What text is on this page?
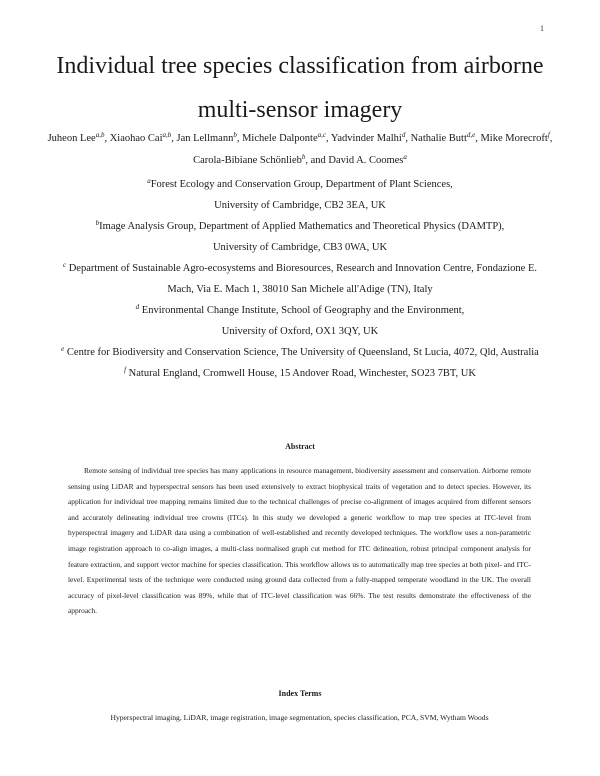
1
Individual tree species classification from airborne multi-sensor imagery
Juheon Lee$^{a,b}$, Xiaohao Cai$^{a,b}$, Jan Lellmann$^b$, Michele Dalponte$^{a,c}$, Yadvinder Malhi$^d$, Nathalie Butt$^{d,e}$, Mike Morecroft$^f$, Carola-Bibiane Schönlieb$^b$, and David A. Coomes$^a$

$^a$Forest Ecology and Conservation Group, Department of Plant Sciences,

University of Cambridge, CB2 3EA, UK

$^b$Image Analysis Group, Department of Applied Mathematics and Theoretical Physics (DAMTP),

University of Cambridge, CB3 0WA, UK

$^c$ Department of Sustainable Agro-ecosystems and Bioresources, Research and Innovation Centre, Fondazione E.

Mach, Via E. Mach 1, 38010 San Michele all'Adige (TN), Italy

$^d$ Environmental Change Institute, School of Geography and the Environment,

University of Oxford, OX1 3QY, UK

$^e$ Centre for Biodiversity and Conservation Science, The University of Queensland, St Lucia, 4072, Qld, Australia

$^f$ Natural England, Cromwell House, 15 Andover Road, Winchester, SO23 7BT, UK

Abstract

Remote sensing of individual tree species has many applications in resource management, biodiversity assessment and conservation. Airborne remote sensing using LiDAR and hyperspectral sensors has been used extensively to extract biophysical traits of vegetation and to detect species. However, its application for individual tree mapping remains limited due to the technical challenges of precise co-alignment of images acquired from different sensors and accurately delineating individual tree crowns (ITCs). In this study we developed a generic workflow to map tree species at ITC-level from hyperspectral imagery and LiDAR data using a combination of well-established and recently developed techniques. The workflow uses a non-parametric image registration approach to co-align images, a multi-class normalised graph cut method for ITC delineation, robust principal component analysis for feature extraction, and support vector machine for species classification. This workflow allows us to automatically map tree species at both pixel- and ITC-level. Experimental tests of the technique were conducted using ground data collected from a fully-mapped temperate woodland in the UK. The overall accuracy of pixel-level classification was 89%, while that of ITC-level classification was 66%. The test results demonstrate the effectiveness of the approach.

Index Terms

Hyperspectral imaging, LiDAR, image registration, image segmentation, species classification, PCA, SVM, Wytham Woods
